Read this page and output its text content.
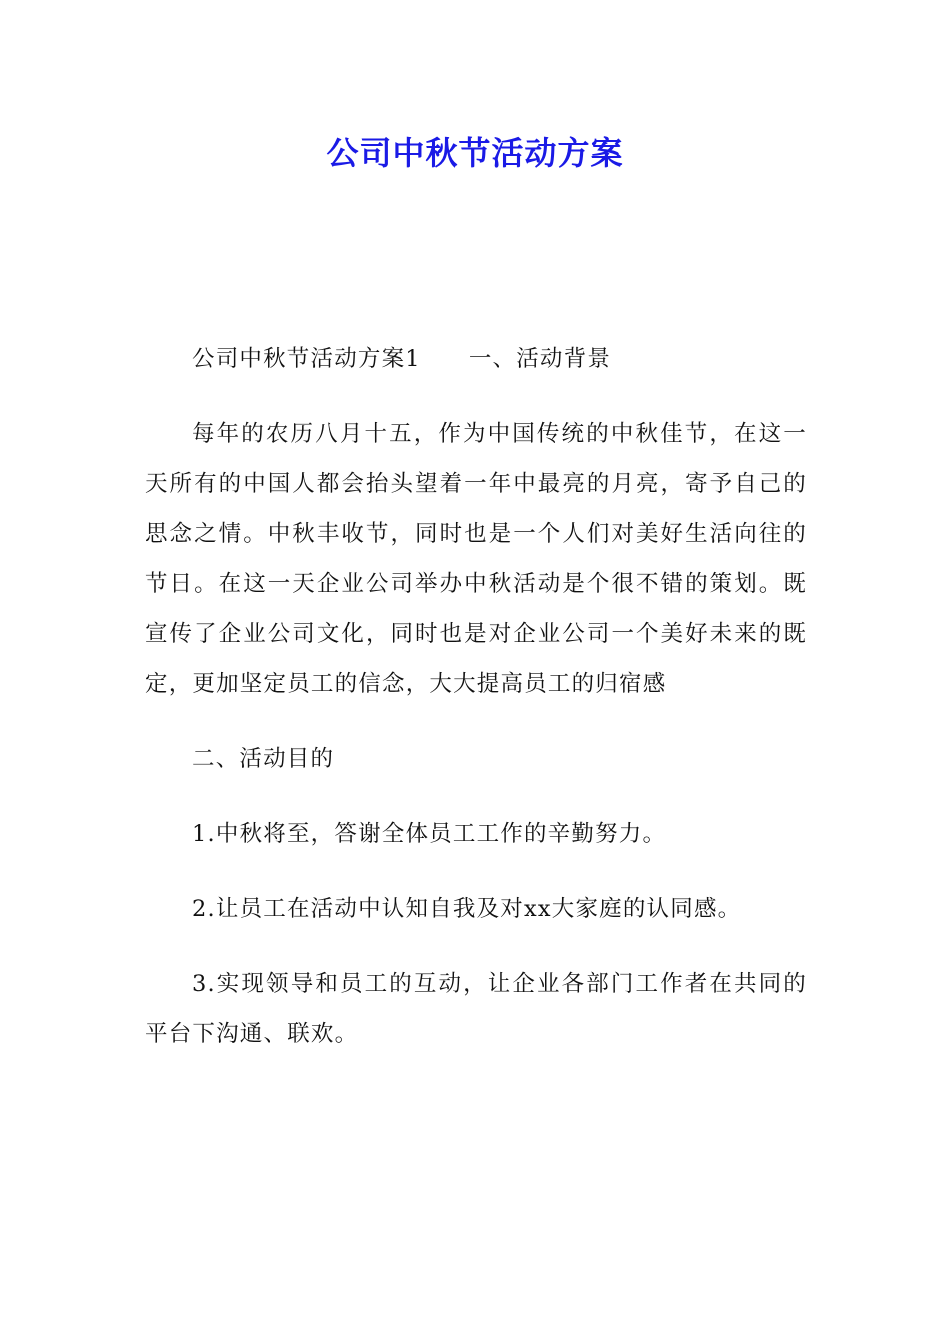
公司中秋节活动方案

公司中秋节活动方案1 一、活动背景

每年的农历八月十五，作为中国传统的中秋佳节，在这一天所有的中国人都会抬头望着一年中最亮的月亮，寄予自己的思念之情。中秋丰收节，同时也是一个人们对美好生活向往的节日。在这一天企业公司举办中秋活动是个很不错的策划。既宣传了企业公司文化，同时也是对企业公司一个美好未来的既定，更加坚定员工的信念，大大提高员工的归宿感

二、活动目的

1.中秋将至，答谢全体员工工作的辛勤努力。

2.让员工在活动中认知自我及对xx大家庭的认同感。

3.实现领导和员工的互动，让企业各部门工作者在共同的平台下沟通、联欢。
